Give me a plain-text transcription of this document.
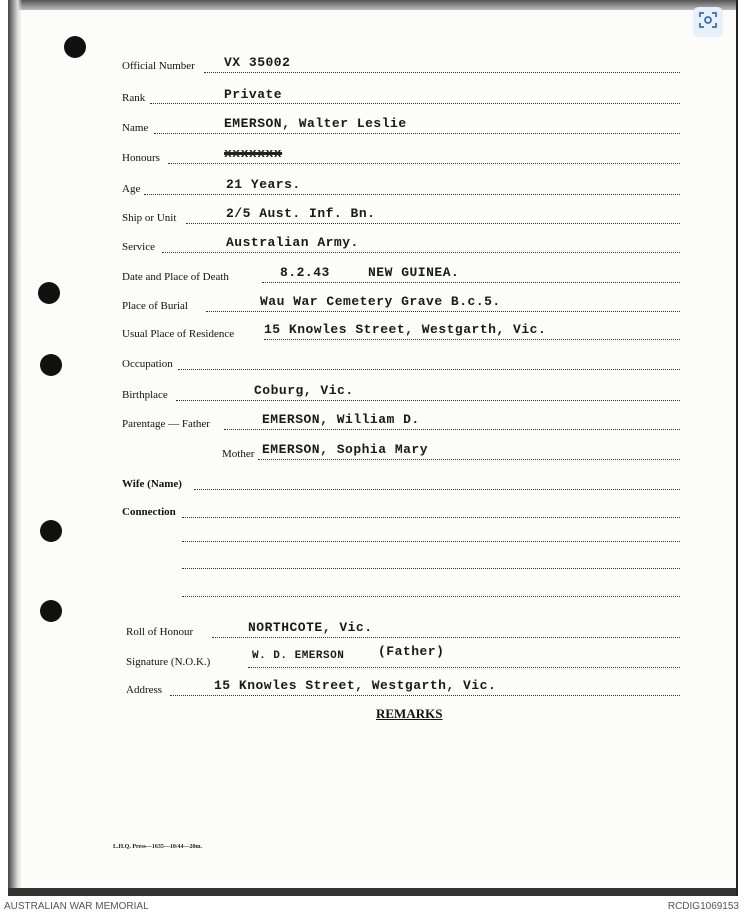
Official Number VX 35002
Rank	Private
Name	EMERSON, Walter Leslie
Honours	xxxxxxx
Age	21 Years.
Ship or Unit	2/5 Aust. Inf. Bn.
Service	Australian Army.
Date and Place of Death	8.2.43	NEW GUINEA.
Place of Burial	Wau War Cemetery Grave B.c.5.
Usual Place of Residence 15 Knowles Street, Westgarth, Vic.
Occupation
Birthplace	Coburg, Vic.
Parentage — Father	EMERSON, William D.
Mother EMERSON, Sophia Mary
Wife (Name)
Connection
Roll of Honour	NORTHCOTE, Vic.
Signature (N.O.K.)	W. D. EMERSON	(Father)
Address	15 Knowles Street, Westgarth, Vic.
REMARKS
L.H.Q. Press—1635—10/44—20m.
AUSTRALIAN WAR MEMORIAL	RCDIG1069153
